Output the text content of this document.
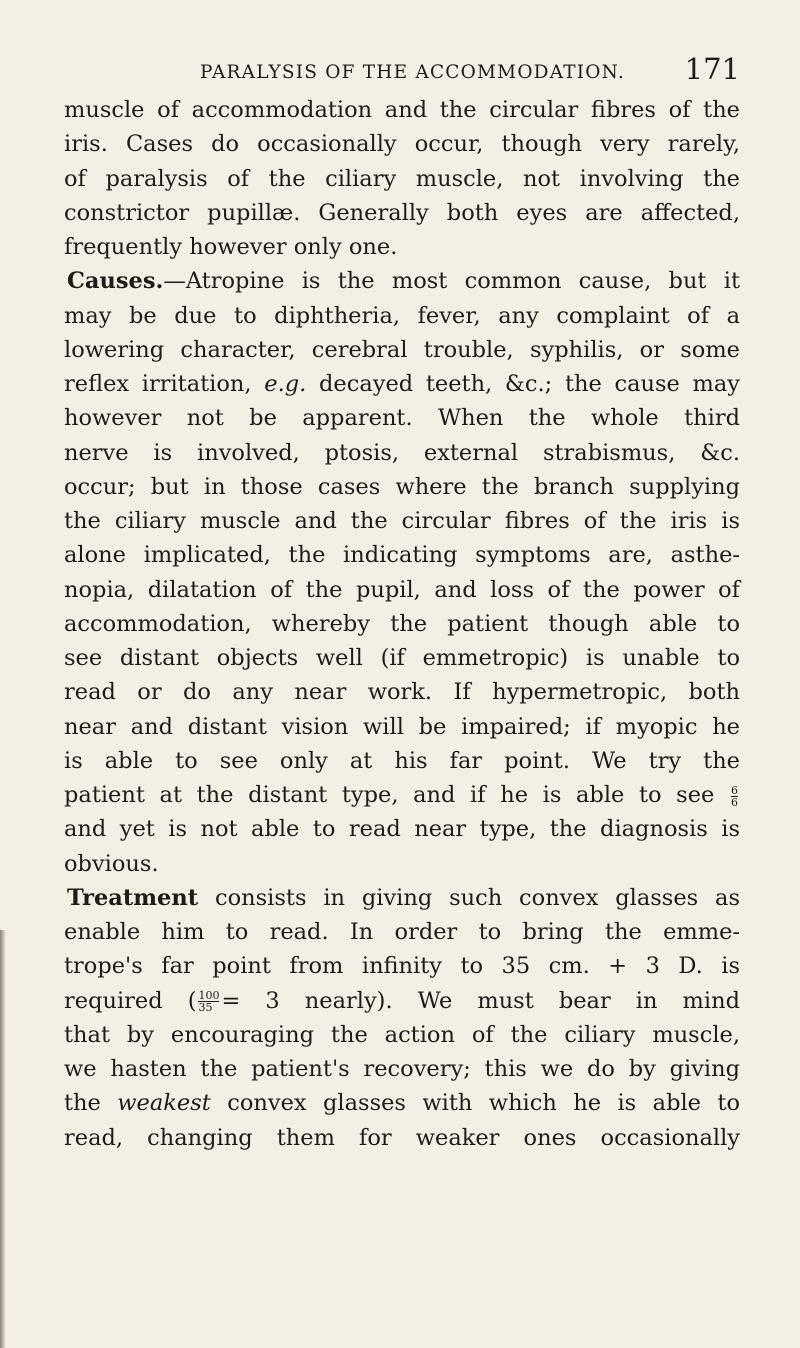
PARALYSIS OF THE ACCOMMODATION. 171
muscle of accommodation and the circular fibres of the
iris. Cases do occasionally occur, though very rarely,
of paralysis of the ciliary muscle, not involving the
constrictor pupillæ. Generally both eyes are affected,
frequently however only one.
Causes.—Atropine is the most common cause, but it
may be due to diphtheria, fever, any complaint of a
lowering character, cerebral trouble, syphilis, or some
reflex irritation, e.g. decayed teeth, &c.; the cause may
however not be apparent. When the whole third
nerve is involved, ptosis, external strabismus, &c.
occur; but in those cases where the branch supplying
the ciliary muscle and the circular fibres of the iris is
alone implicated, the indicating symptoms are, asthe-
nopia, dilatation of the pupil, and loss of the power of
accommodation, whereby the patient though able to
see distant objects well (if emmetropic) is unable to
read or do any near work. If hypermetropic, both
near and distant vision will be impaired; if myopic he
is able to see only at his far point. We try the
patient at the distant type, and if he is able to see $\frac{6}{6}$
and yet is not able to read near type, the diagnosis is
obvious.
Treatment consists in giving such convex glasses as
enable him to read. In order to bring the emme-
trope's far point from infinity to 35 cm. + 3 D. is
required ( $\frac{100}{35} = 3$ nearly). We must bear in mind
that by encouraging the action of the ciliary muscle,
we hasten the patient's recovery; this we do by giving
the weakest convex glasses with which he is able to
read, changing them for weaker ones occasionally
